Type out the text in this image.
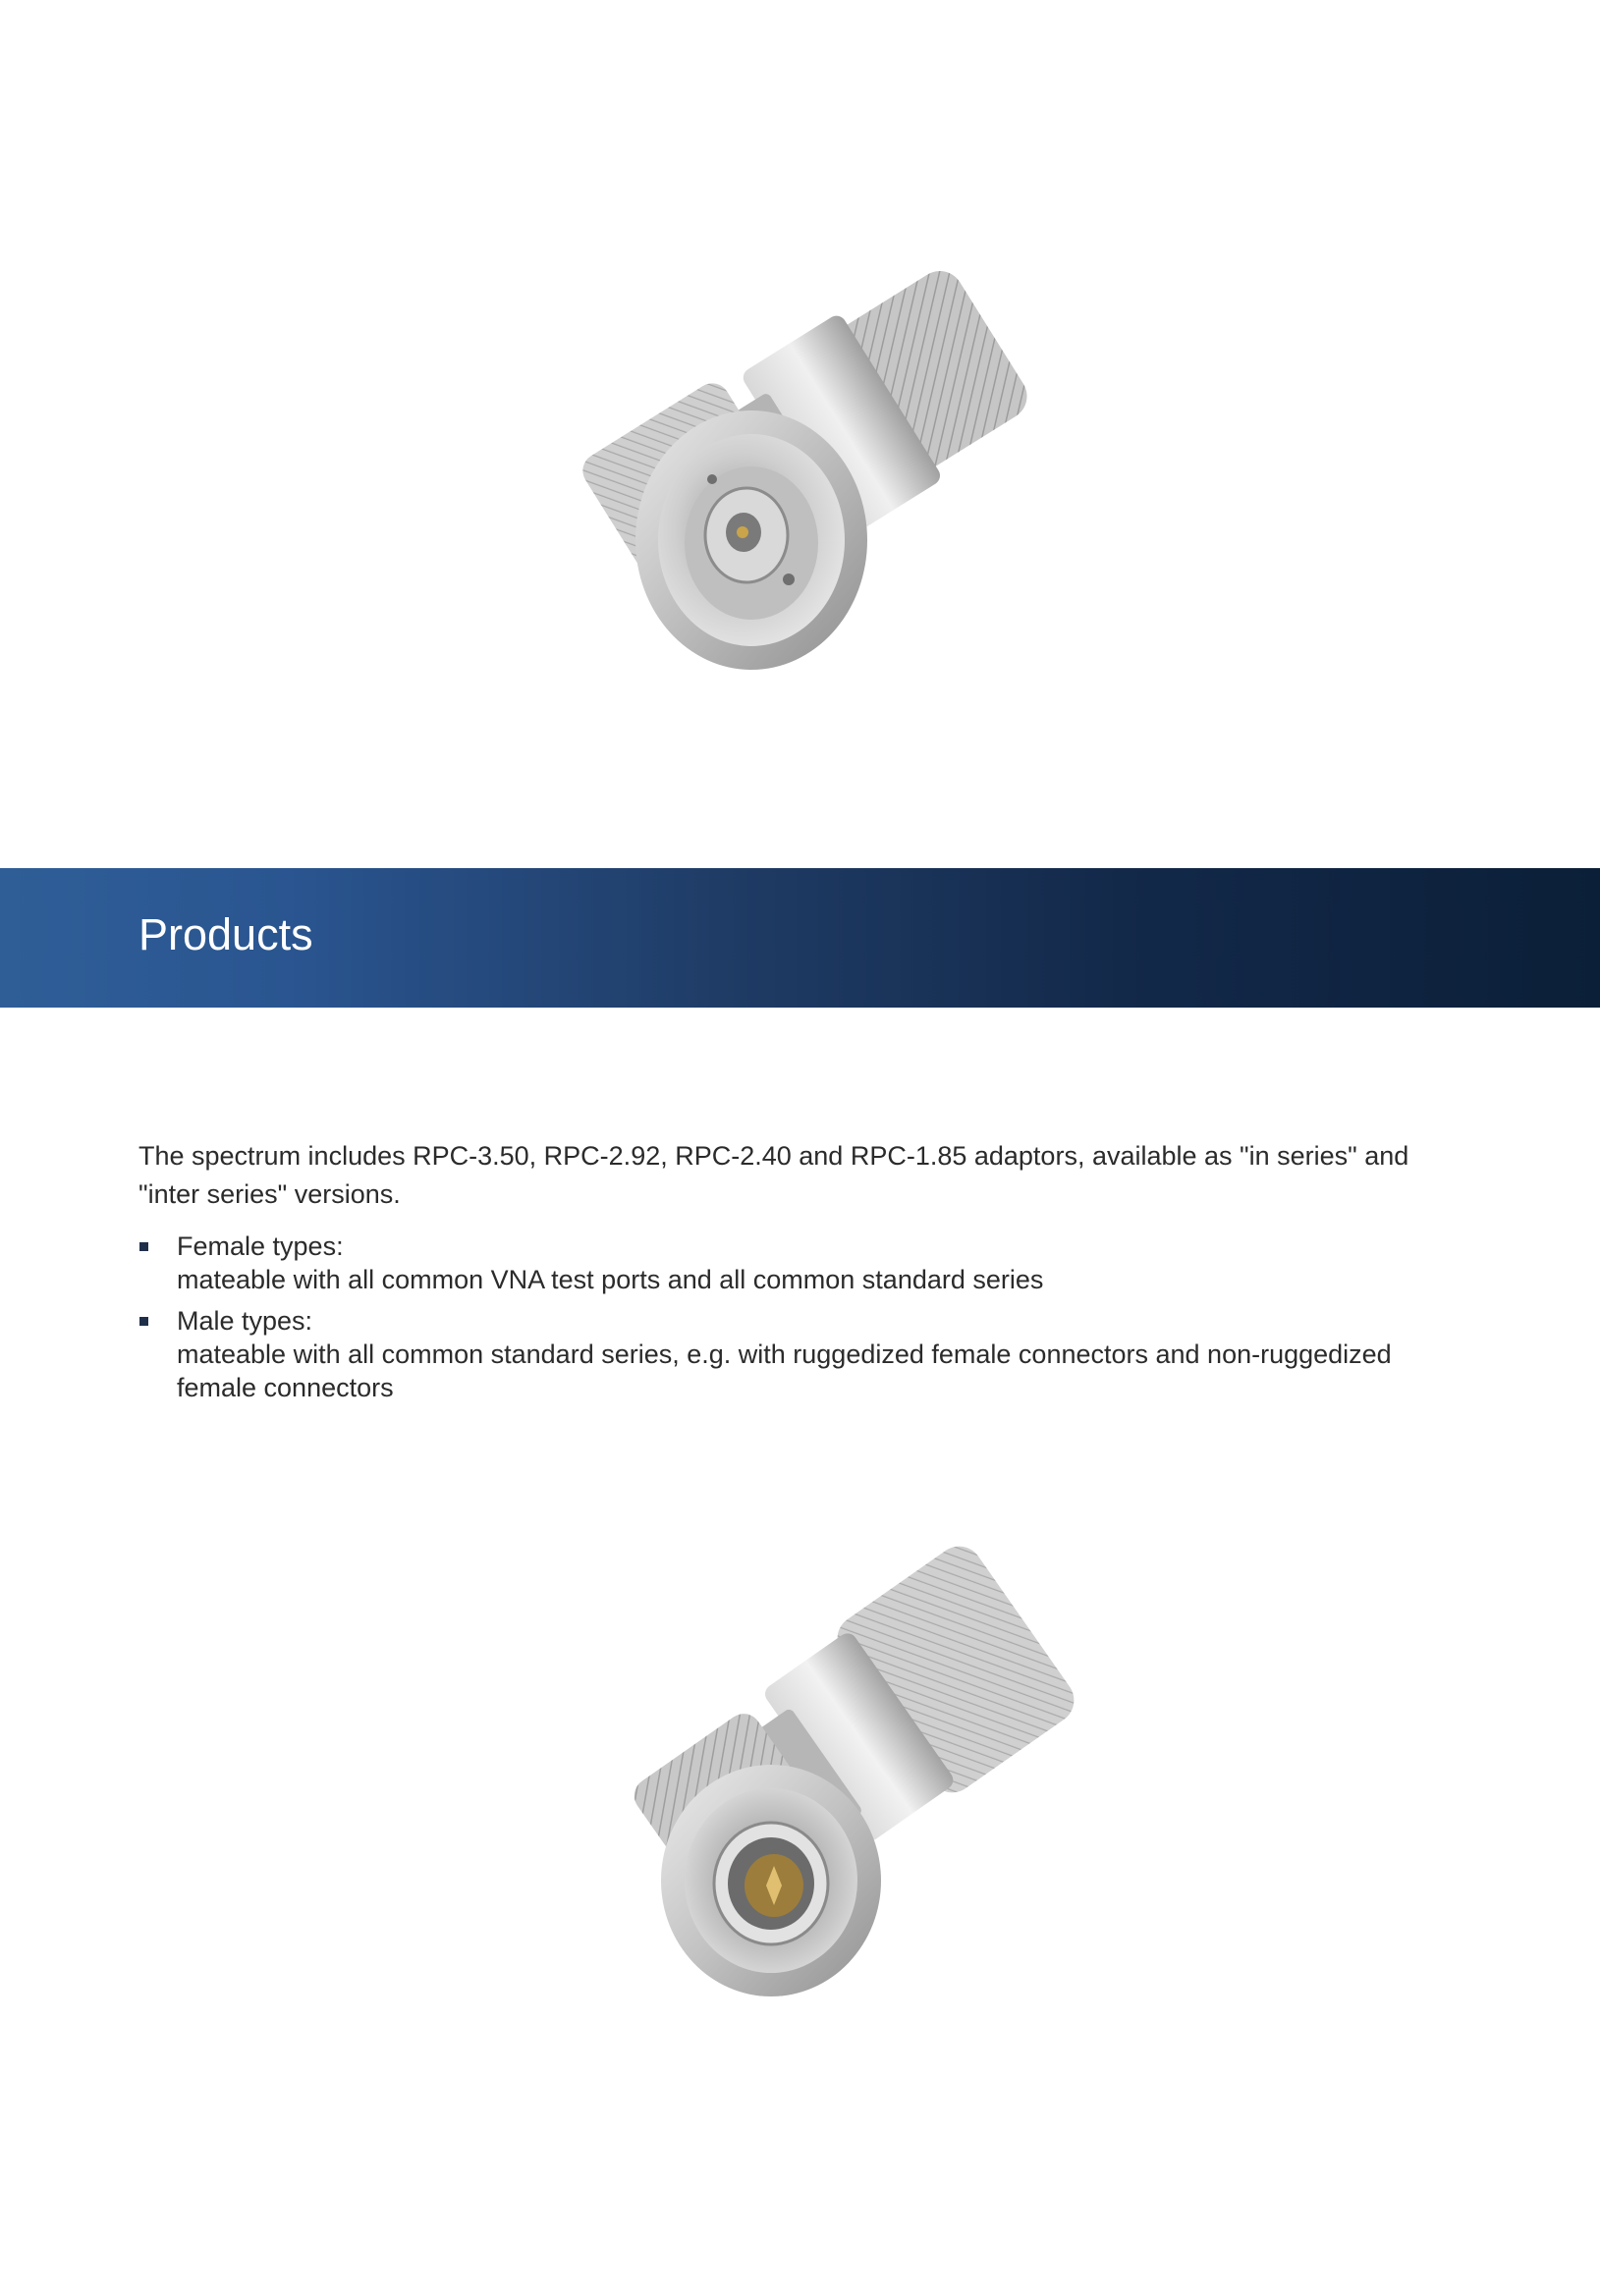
Products

The spectrum includes RPC-3.50, RPC-2.92, RPC-2.40 and RPC-1.85 adaptors, available as "in series" and "inter series" versions.

Female types:
mateable with all common VNA test ports and all common standard series
Male types:
mateable with all common standard series, e.g. with ruggedized female connectors and non-ruggedized female connectors
